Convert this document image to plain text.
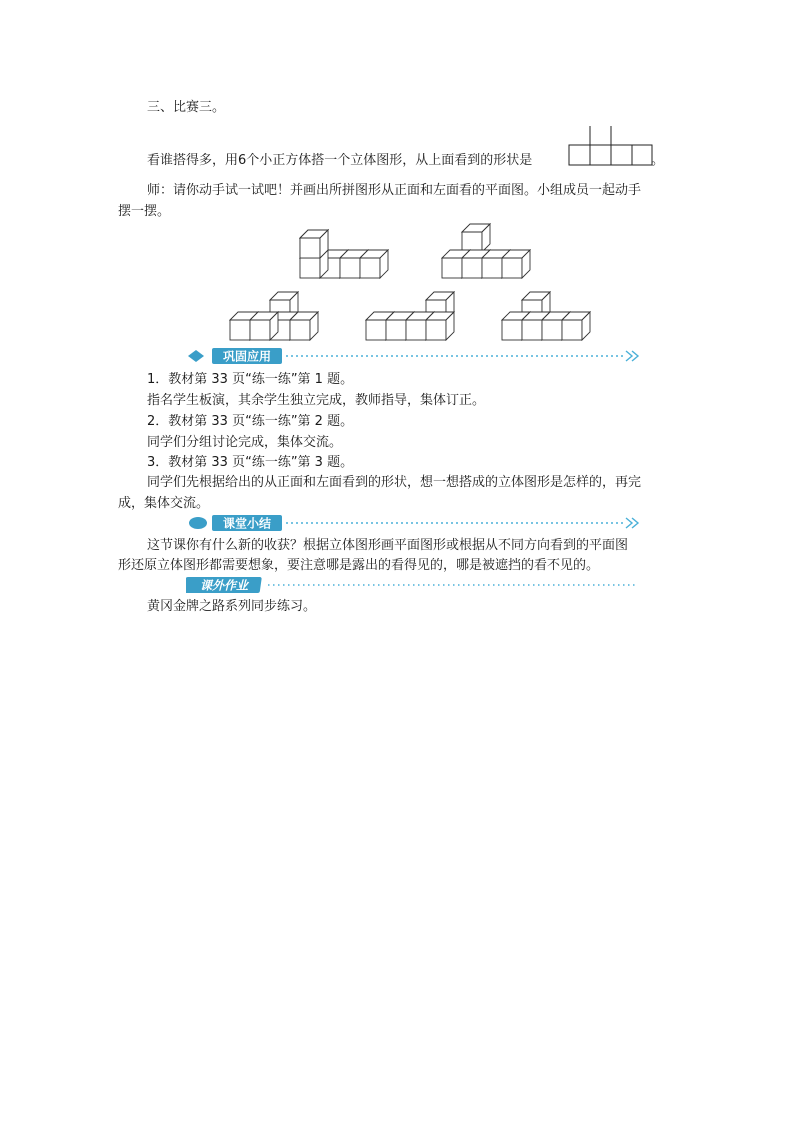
三、比赛三。
看谁搭得多，用6个小正方体搭一个立体图形，从上面看到的形状是	。
师：请你动手试一试吧！并画出所拼图形从正面和左面看的平面图。小组成员一起动手
摆一摆。
巩固应用
1．教材第 33 页“练一练”第 1 题。
指名学生板演，其余学生独立完成，教师指导，集体订正。
2．教材第 33 页“练一练”第 2 题。
同学们分组讨论完成，集体交流。
3．教材第 33 页“练一练”第 3 题。
同学们先根据给出的从正面和左面看到的形状，想一想搭成的立体图形是怎样的，再完
成，集体交流。
课堂小结
这节课你有什么新的收获？根据立体图形画平面图形或根据从不同方向看到的平面图
形还原立体图形都需要想象，要注意哪是露出的看得见的，哪是被遮挡的看不见的。
课外作业
黄冈金牌之路系列同步练习。
